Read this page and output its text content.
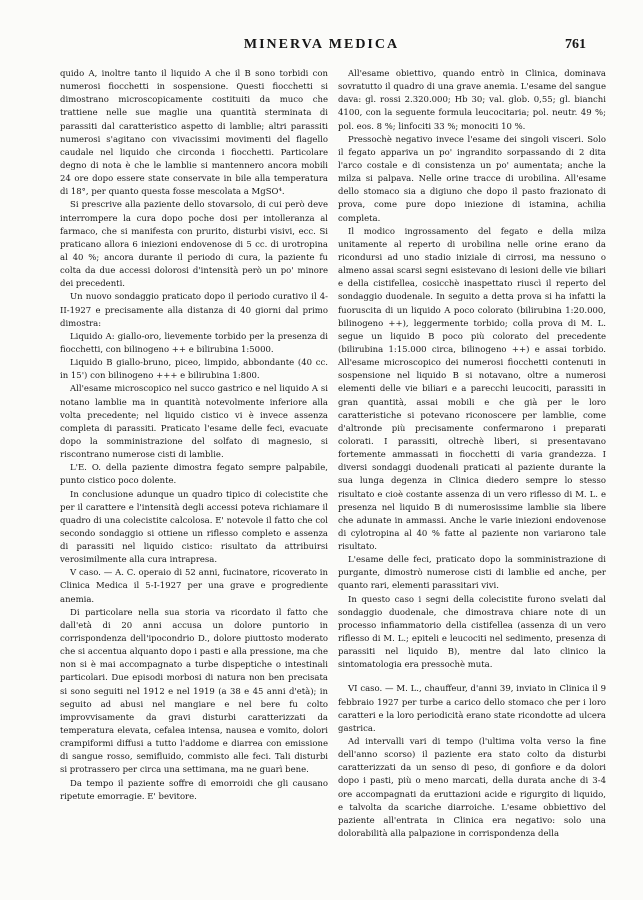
MINERVA MEDICA	761

quido A, inoltre tanto il liquido A che il B sono torbidi con numerosi fiocchetti in sospensione. Questi fiocchetti si dimostrano microscopicamente costituiti da muco che trattiene nelle sue maglie una quantità sterminata di parassiti dal caratteristico aspetto di lamblie; altri parassiti numerosi s'agitano con vivacissimi movimenti del flagello caudale nel liquido che circonda i fiocchetti. Particolare degno di nota è che le lamblie si mantennero ancora mobili 24 ore dopo essere state conservate in bile alla temperatura di 18°, per quanto questa fosse mescolata a MgSO⁴.

Si prescrive alla paziente dello stovarsolo, di cui però deve interrompere la cura dopo poche dosi per intolleranza al farmaco, che si manifesta con prurito, disturbi visivi, ecc. Si praticano allora 6 iniezioni endovenose di 5 cc. di urotropina al 40 %; ancora durante il periodo di cura, la paziente fu colta da due accessi dolorosi d'intensità però un po' minore dei precedenti.

Un nuovo sondaggio praticato dopo il periodo curativo il 4-II-1927 e precisamente alla distanza di 40 giorni dal primo dimostra:

Liquido A: giallo-oro, lievemente torbido per la presenza di fiocchetti, con bilinogeno ++ e bilirubina 1:5000.

Liquido B giallo-bruno, piceo, limpido, abbondante (40 cc. in 15') con bilinogeno +++ e bilirubina 1:800.

All'esame microscopico nel succo gastrico e nel liquido A si notano lamblie ma in quantità notevolmente inferiore alla volta precedente; nel liquido cistico vi è invece assenza completa di parassiti. Praticato l'esame delle feci, evacuate dopo la somministrazione del solfato di magnesio, si riscontrano numerose cisti di lamblie.

L'E. O. della paziente dimostra fegato sempre palpabile, punto cistico poco dolente.

In conclusione adunque un quadro tipico di colecistite che per il carattere e l'intensità degli accessi poteva richiamare il quadro di una colecistite calcolosa. E' notevole il fatto che col secondo sondaggio si ottiene un riflesso completo e assenza di parassiti nel liquido cistico: risultato da attribuirsi verosimilmente alla cura intrapresa.

V caso. — A. C. operaio di 52 anni, fucinatore, ricoverato in Clinica Medica il 5-I-1927 per una grave e progrediente anemia.

Di particolare nella sua storia va ricordato il fatto che dall'età di 20 anni accusa un dolore puntorio in corrispondenza dell'ipocondrio D., dolore piuttosto moderato che si accentua alquanto dopo i pasti e alla pressione, ma che non si è mai accompagnato a turbe dispeptiche o intestinali particolari. Due episodi morbosi di natura non ben precisata si sono seguiti nel 1912 e nel 1919 (a 38 e 45 anni d'età); in seguito ad abusi nel mangiare e nel bere fu colto improvvisamente da gravi disturbi caratterizzati da temperatura elevata, cefalea intensa, nausea e vomito, dolori crampiformi diffusi a tutto l'addome e diarrea con emissione di sangue rosso, semifluido, commisto alle feci. Tali disturbi si protrassero per circa una settimana, ma ne guarì bene.

Da tempo il paziente soffre di emorroidi che gli causano ripetute emorragie. E' bevitore.

All'esame obiettivo, quando entrò in Clinica, dominava sovratutto il quadro di una grave anemia. L'esame del sangue dava: gl. rossi 2.320.000; Hb 30; val. glob. 0,55; gl. bianchi 4100, con la seguente formula leucocitaria; pol. neutr. 49 %; pol. eos. 8 %; linfociti 33 %; monociti 10 %.

Pressochè negativo invece l'esame dei singoli visceri. Solo il fegato appariva un po' ingrandito sorpassando di 2 dita l'arco costale e di consistenza un po' aumentata; anche la milza si palpava. Nelle orine tracce di urobilina. All'esame dello stomaco sia a digiuno che dopo il pasto frazionato di prova, come pure dopo iniezione di istamina, achilia completa.

Il modico ingrossamento del fegato e della milza unitamente al reperto di urobilina nelle orine erano da ricondursi ad uno stadio iniziale di cirrosi, ma nessuno o almeno assai scarsi segni esistevano di lesioni delle vie biliari e della cistifellea, cosicchè inaspettato riuscì il reperto del sondaggio duodenale. In seguito a detta prova si ha infatti la fuoruscita di un liquido A poco colorato (bilirubina 1:20.000, bilinogeno ++), leggermente torbido; colla prova di M. L. segue un liquido B poco più colorato del precedente (bilirubina 1:15.000 circa, bilinogeno ++) e assai torbido. All'esame microscopico dei numerosi fiocchetti contenuti in sospensione nel liquido B si notavano, oltre a numerosi elementi delle vie biliari e a parecchi leucociti, parassiti in gran quantità, assai mobili e che già per le loro caratteristiche si potevano riconoscere per lamblie, come d'altronde più precisamente confermarono i preparati colorati. I parassiti, oltrechè liberi, si presentavano fortemente ammassati in fiocchetti di varia grandezza. I diversi sondaggi duodenali praticati al paziente durante la sua lunga degenza in Clinica diedero sempre lo stesso risultato e cioè costante assenza di un vero riflesso di M. L. e presenza nel liquido B di numerosissime lamblie sia libere che adunate in ammassi. Anche le varie iniezioni endovenose di cylotropina al 40 % fatte al paziente non variarono tale risultato.

L'esame delle feci, praticato dopo la somministrazione di purgante, dimostrò numerose cisti di lamblie ed anche, per quanto rari, elementi parassitari vivi.

In questo caso i segni della colecistite furono svelati dal sondaggio duodenale, che dimostrava chiare note di un processo infiammatorio della cistifellea (assenza di un vero riflesso di M. L.; epiteli e leucociti nel sedimento, presenza di parassiti nel liquido B), mentre dal lato clinico la sintomatologia era pressochè muta.

VI caso. — M. L., chauffeur, d'anni 39, inviato in Clinica il 9 febbraio 1927 per turbe a carico dello stomaco che per i loro caratteri e la loro periodicità erano state ricondotte ad ulcera gastrica.

Ad intervalli vari di tempo (l'ultima volta verso la fine dell'anno scorso) il paziente era stato colto da disturbi caratterizzati da un senso di peso, di gonfiore e da dolori dopo i pasti, più o meno marcati, della durata anche di 3-4 ore accompagnati da eruttazioni acide e rigurgito di liquido, e talvolta da scariche diarroiche. L'esame obbiettivo del paziente all'entrata in Clinica era negativo: solo una dolorabilità alla palpazione in corrispondenza della
